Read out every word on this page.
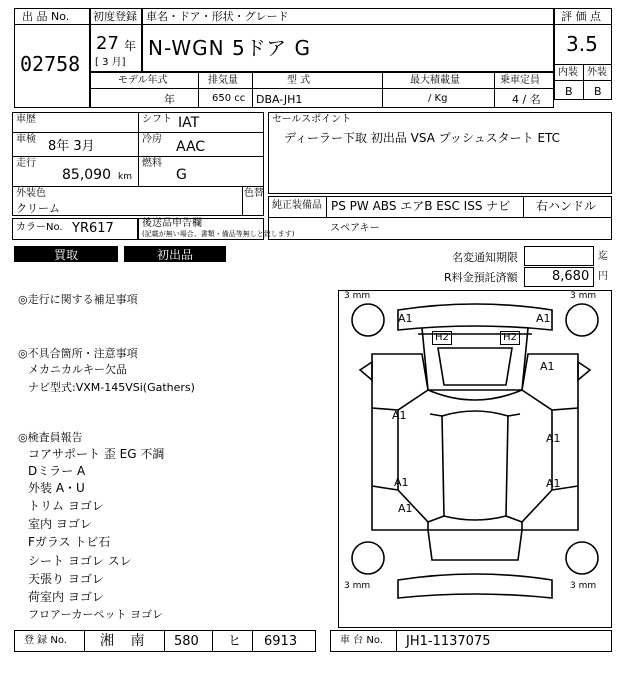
出 品 No.
02758
初度登録
27 年
[ 3 月]
車名・ドア・形状・グレード
N-WGN 5ドア G
評 価 点
3.5
内装 外装
B B
モデル年式
年
排気量
650 cc
型 式
DBA-JH1
最大積載量
/ Kg
乗車定員
4 / 名
車歴	シフト IAT
車検 8年 3月	冷房 AAC
走行
85,090 km
燃料
G
外装色
クリーム
色替
カラーNo. YR617	後送品申告欄
(記載が無い場合、書類・備品等無しと致します)
セールスポイント
ディーラー下取 初出品 VSA プッシュスタート ETC
純正装備品 PS PW ABS エアB ESC ISS ナビ 右ハンドル
スペアキー
買取	初出品	名変通知期限	迄
R料金預託済額	8,680 円
◎走行に関する補足事項
◎不具合箇所・注意事項
メカニカルキー欠品
ナビ型式:VXM-145VSi(Gathers)
◎検査員報告
コアサポート 歪 EG 不調
Dミラー A
外装 A・U
トリム ヨゴレ
室内 ヨゴレ
Fガラス トビ石
シート ヨゴレ スレ
天張り ヨゴレ
荷室内 ヨゴレ
フロアーカーペット ヨゴレ
3 mm	3 mm
3 mm	3 mm
A1	A1
H2	H2
A1
A1
A1
A1	A1
A1
登 録 No. 湘 南 580 ヒ 6913	車 台 No. JH1-1137075
